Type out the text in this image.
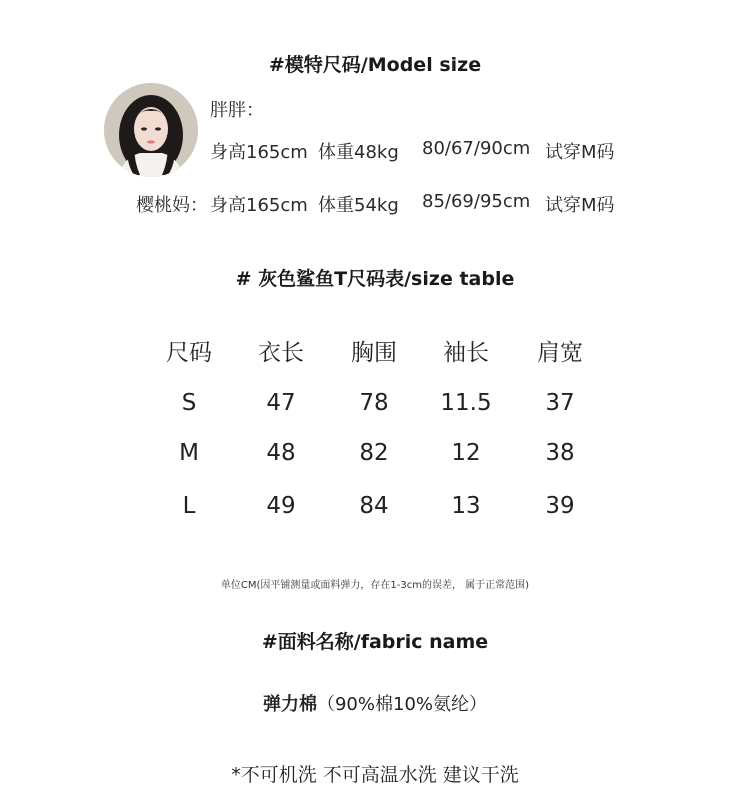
#模特尺码/Model size
胖胖：
身高165cm 体重48kg 80/67/90cm 试穿M码
樱桃妈： 身高165cm 体重54kg 85/69/95cm 试穿M码
# 灰色鲨鱼T尺码表/size table
尺码	衣长	胸围	袖长	肩宽
S	47	78	11.5	37
M	48	82	12	38
L	49	84	13	39
单位CM(因平铺测量或面料弹力，存在1-3cm的误差， 属于正常范围)
#面料名称/fabric name
弹力棉（90%棉10%氨纶）
*不可机洗 不可高温水洗 建议干洗
